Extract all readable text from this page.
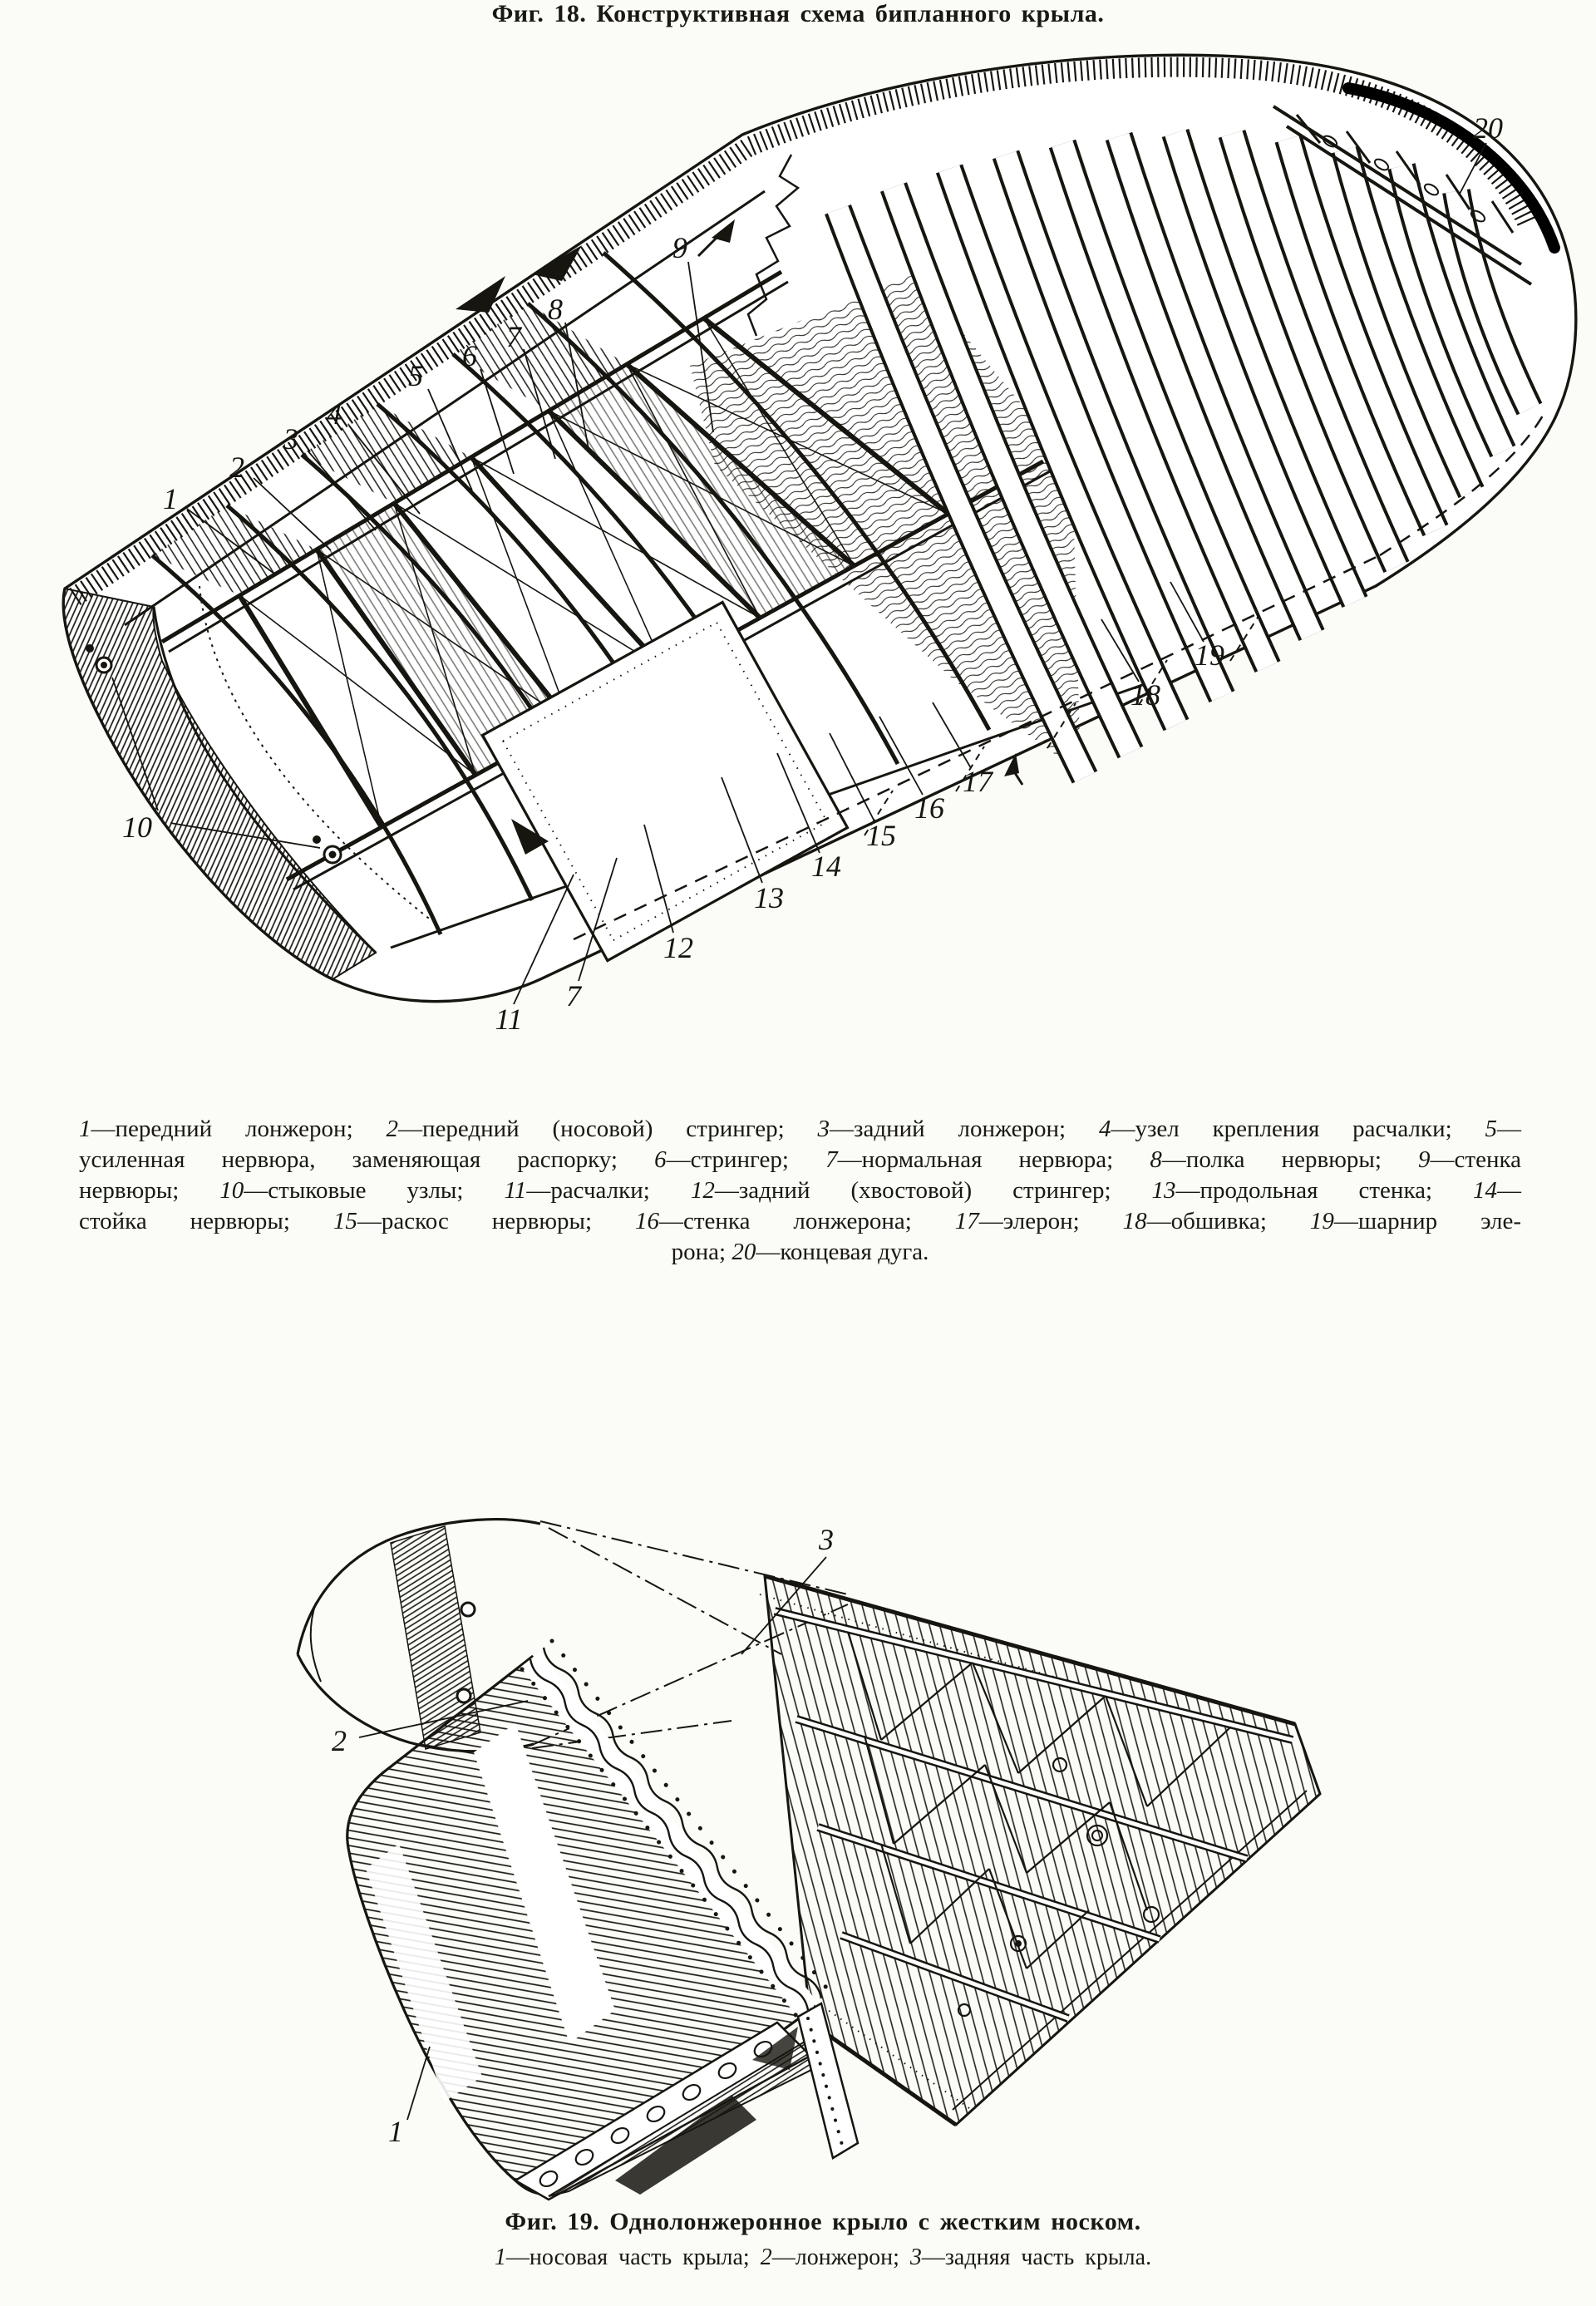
1
2
3
4
5
6
7
8
9
20
19
18
17
16
15
14
13
12
11
7
10
Фиг. 18. Конструктивная схема бипланного крыла.
1—передний лонжерон; 2—передний (носовой) стрингер; 3—задний лонжерон; 4—узел крепления расчалки; 5—
усиленная нервюра, заменяющая распорку; 6—стрингер; 7—нормальная нервюра; 8—полка нервюры; 9—стенка
нервюры; 10—стыковые узлы; 11—расчалки; 12—задний (хвостовой) стрингер; 13—продольная стенка; 14—
стойка нервюры; 15—раскос нервюры; 16—стенка лонжерона; 17—элерон; 18—обшивка; 19—шарнир эле-
рона; 20—концевая дуга.
3
2
1
Фиг. 19. Однолонжеронное крыло с жестким носком.
1—носовая часть крыла; 2—лонжерон; 3—задняя часть крыла.
